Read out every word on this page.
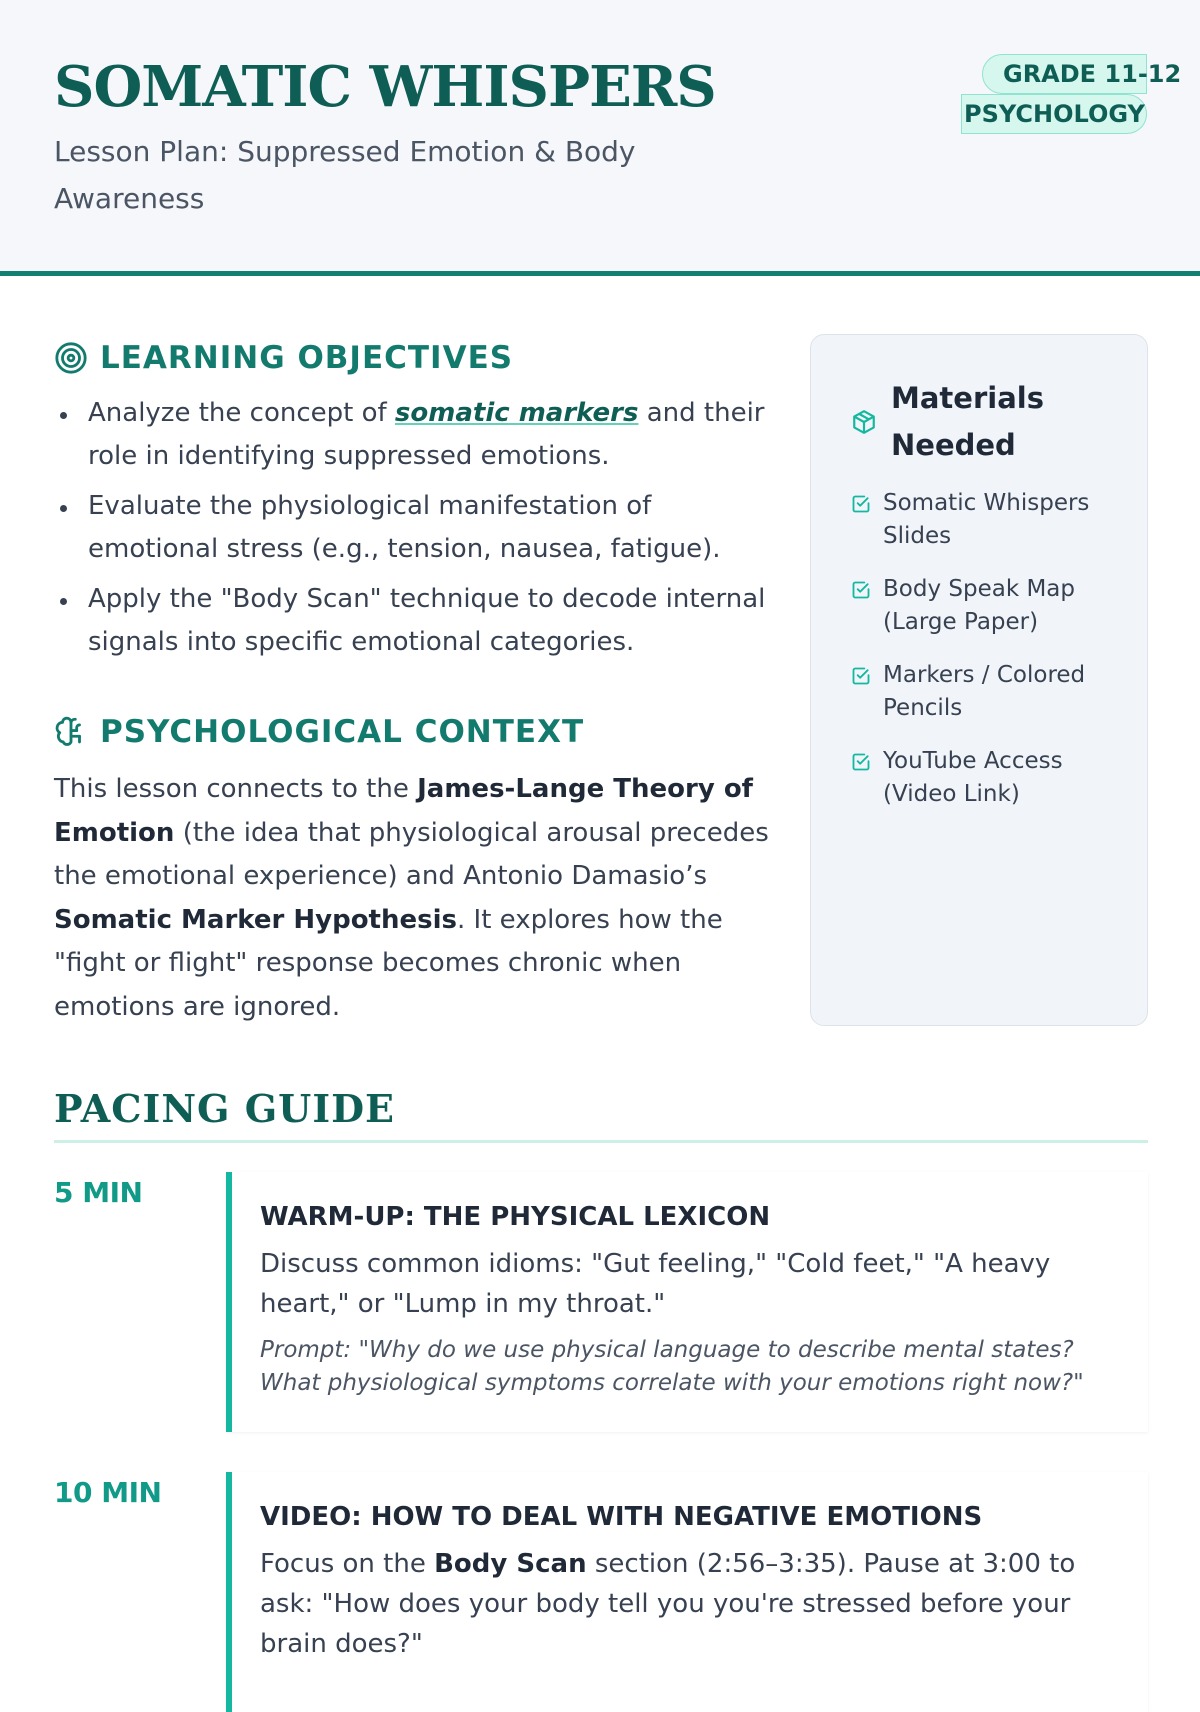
SOMATIC WHISPERS
Lesson Plan: Suppressed Emotion & Body Awareness
GRADE 11-12
PSYCHOLOGY
LEARNING OBJECTIVES
Analyze the concept of somatic markers and their role in identifying suppressed emotions.
Evaluate the physiological manifestation of emotional stress (e.g., tension, nausea, fatigue).
Apply the "Body Scan" technique to decode internal signals into specific emotional categories.
PSYCHOLOGICAL CONTEXT

This lesson connects to the James-Lange Theory of Emotion (the idea that physiological arousal precedes the emotional experience) and Antonio Damasio’s Somatic Marker Hypothesis. It explores how the "fight or flight" response becomes chronic when emotions are ignored.

Materials Needed
Somatic Whispers Slides
Body Speak Map (Large Paper)
Markers / Colored Pencils
YouTube Access (Video Link)
PACING GUIDE
5 MIN
WARM-UP: THE PHYSICAL LEXICON
Discuss common idioms: "Gut feeling," "Cold feet," "A heavy heart," or "Lump in my throat."
Prompt: "Why do we use physical language to describe mental states? What physiological symptoms correlate with your emotions right now?"
10 MIN
VIDEO: HOW TO DEAL WITH NEGATIVE EMOTIONS
Focus on the Body Scan section (2:56–3:35). Pause at 3:00 to ask: "How does your body tell you you're stressed before your brain does?"
